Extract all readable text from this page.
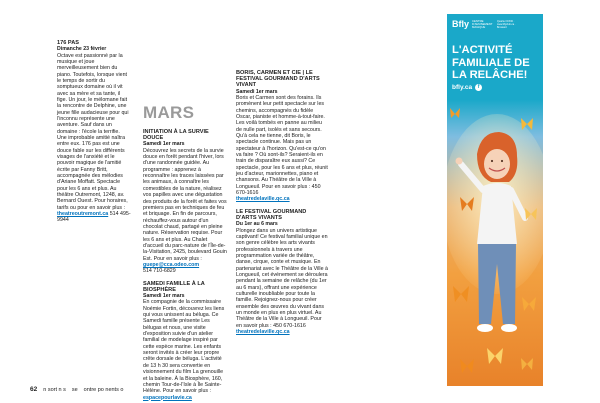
176 PAS

Dimanche 23 février

Octave est passionné par la musique et joue merveilleusement bien du piano. Toutefois, lorsque vient le temps de sortir du somptueux domaine où il vit avec sa mère et sa tante, il fige. Un jour, le mélomane fait la rencontre de Delphine, une jeune fille audacieuse pour qui l'inconnu représente une aventure. Sauf dans un domaine : l'école la terrifie. Une improbable amitié naîtra entre eux. 176 pas est une douce fable sur les différents visages de l'anxiété et le pouvoir magique de l'amitié écrite par Fanny Britt, accompagnée des mélodies d'Ariane Moffatt. Spectacle pour les 6 ans et plus. Au théâtre Outremont, 1248, av. Bernard Ouest. Pour horaires, tarifs ou pour en savoir plus : theatreoutremont.ca 514 495-9944

MARS

INITIATION À LA SURVIE DOUCE

Samedi 1er mars

Découvrez les secrets de la survie douce en forêt pendant l'hiver, lors d'une randonnée guidée. Au programme : apprenez à reconnaître les traces laissées par les animaux, à connaître les comestibles de la nature, réalisez vos papilles avec une dégustation des produits de la forêt et faites vos premiers pas en techniques de feu et briquage. En fin de parcours, réchauffez-vous autour d'un chocolat chaud, partagé en pleine nature. Réservation requise. Pour les 6 ans et plus. Au Chalet d'accueil du parc-nature de l'Île-de-la-Visitation, 2425, boulevard Gouin Est. Pour en savoir plus :

guepe@cca.odeo.com

514 710-6829

SAMEDI FAMILLE À LA BIOSPHÈRE

Samedi 1er mars

En compagnie de la commissaire Noémie Fortin, découvrez les liens qui vous unissent au béluga. Ce Samedi famille présente Les bélugas et nous, une visite d'exposition suivie d'un atelier familial de modelage inspiré par cette espèce marine. Les enfants seront invités à créer leur propre crête dorsale de béluga. L'activité de 13 h 30 sera convertie en visionnement du film La grenouille et la baleine. À la Biosphère, 160, chemin Tour-de-l'Isle à Île Sainte-Hélène. Pour en savoir plus :

espacepourlavie.ca

BORIS, CARMEN ET CIE | LE FESTIVAL GOURMAND D'ARTS VIVANT

Samedi 1er mars

Boris et Carmen sont des forains. Ils promènent leur petit spectacle sur les chemins, accompagnés du fidèle Oscar, pianiste et homme-à-tout-faire. Les voilà tombés en panne au milieu de nulle part, isolés et sans secours. Qu'à cela ne tienne, dit Boris, le spectacle continue. Mais pas un spectateur à l'horizon. Qu'est-ce qu'on va faire ? Où sont-ils? Seraient-ils en train de disparaître eux aussi? Ce spectacle, pour les 6 ans et plus, réunit jeu d'acteur, marionnettes, piano et chansons. Au Théâtre de la Ville à Longueuil. Pour en savoir plus : 450 670-1616

theatredelaville.qc.ca

LE FESTIVAL GOURMAND D'ARTS VIVANTS

Du 1er au 6 mars

Plongez dans un univers artistique captivant! Ce festival familial unique en son genre célèbre les arts vivants professionnels à travers une programmation variée de théâtre, danse, cirque, conte et musique. En partenariat avec le Théâtre de la Ville à Longueuil, cet événement se déroulera pendant la semaine de relâche (du 1er au 6 mars), offrant une expérience culturelle inoubliable pour toute la famille. Rejoignez-nous pour créer ensemble des œuvres du vivant dans un monde en plus en plus virtuel. Au Théâtre de la Ville à Longueuil. Pour en savoir plus : 450 670-1616

theatredelaville.qc.ca

Bfly CENTRE D'AMUSEMENT MAGIQUE
Quartier DIX30 · www.bflyclub.ca · Brossard
L'ACTIVITÉ FAMILIALE DE LA RELÂCHE!
bfly.ca	f
62 n sort n s se ontre po nents o
